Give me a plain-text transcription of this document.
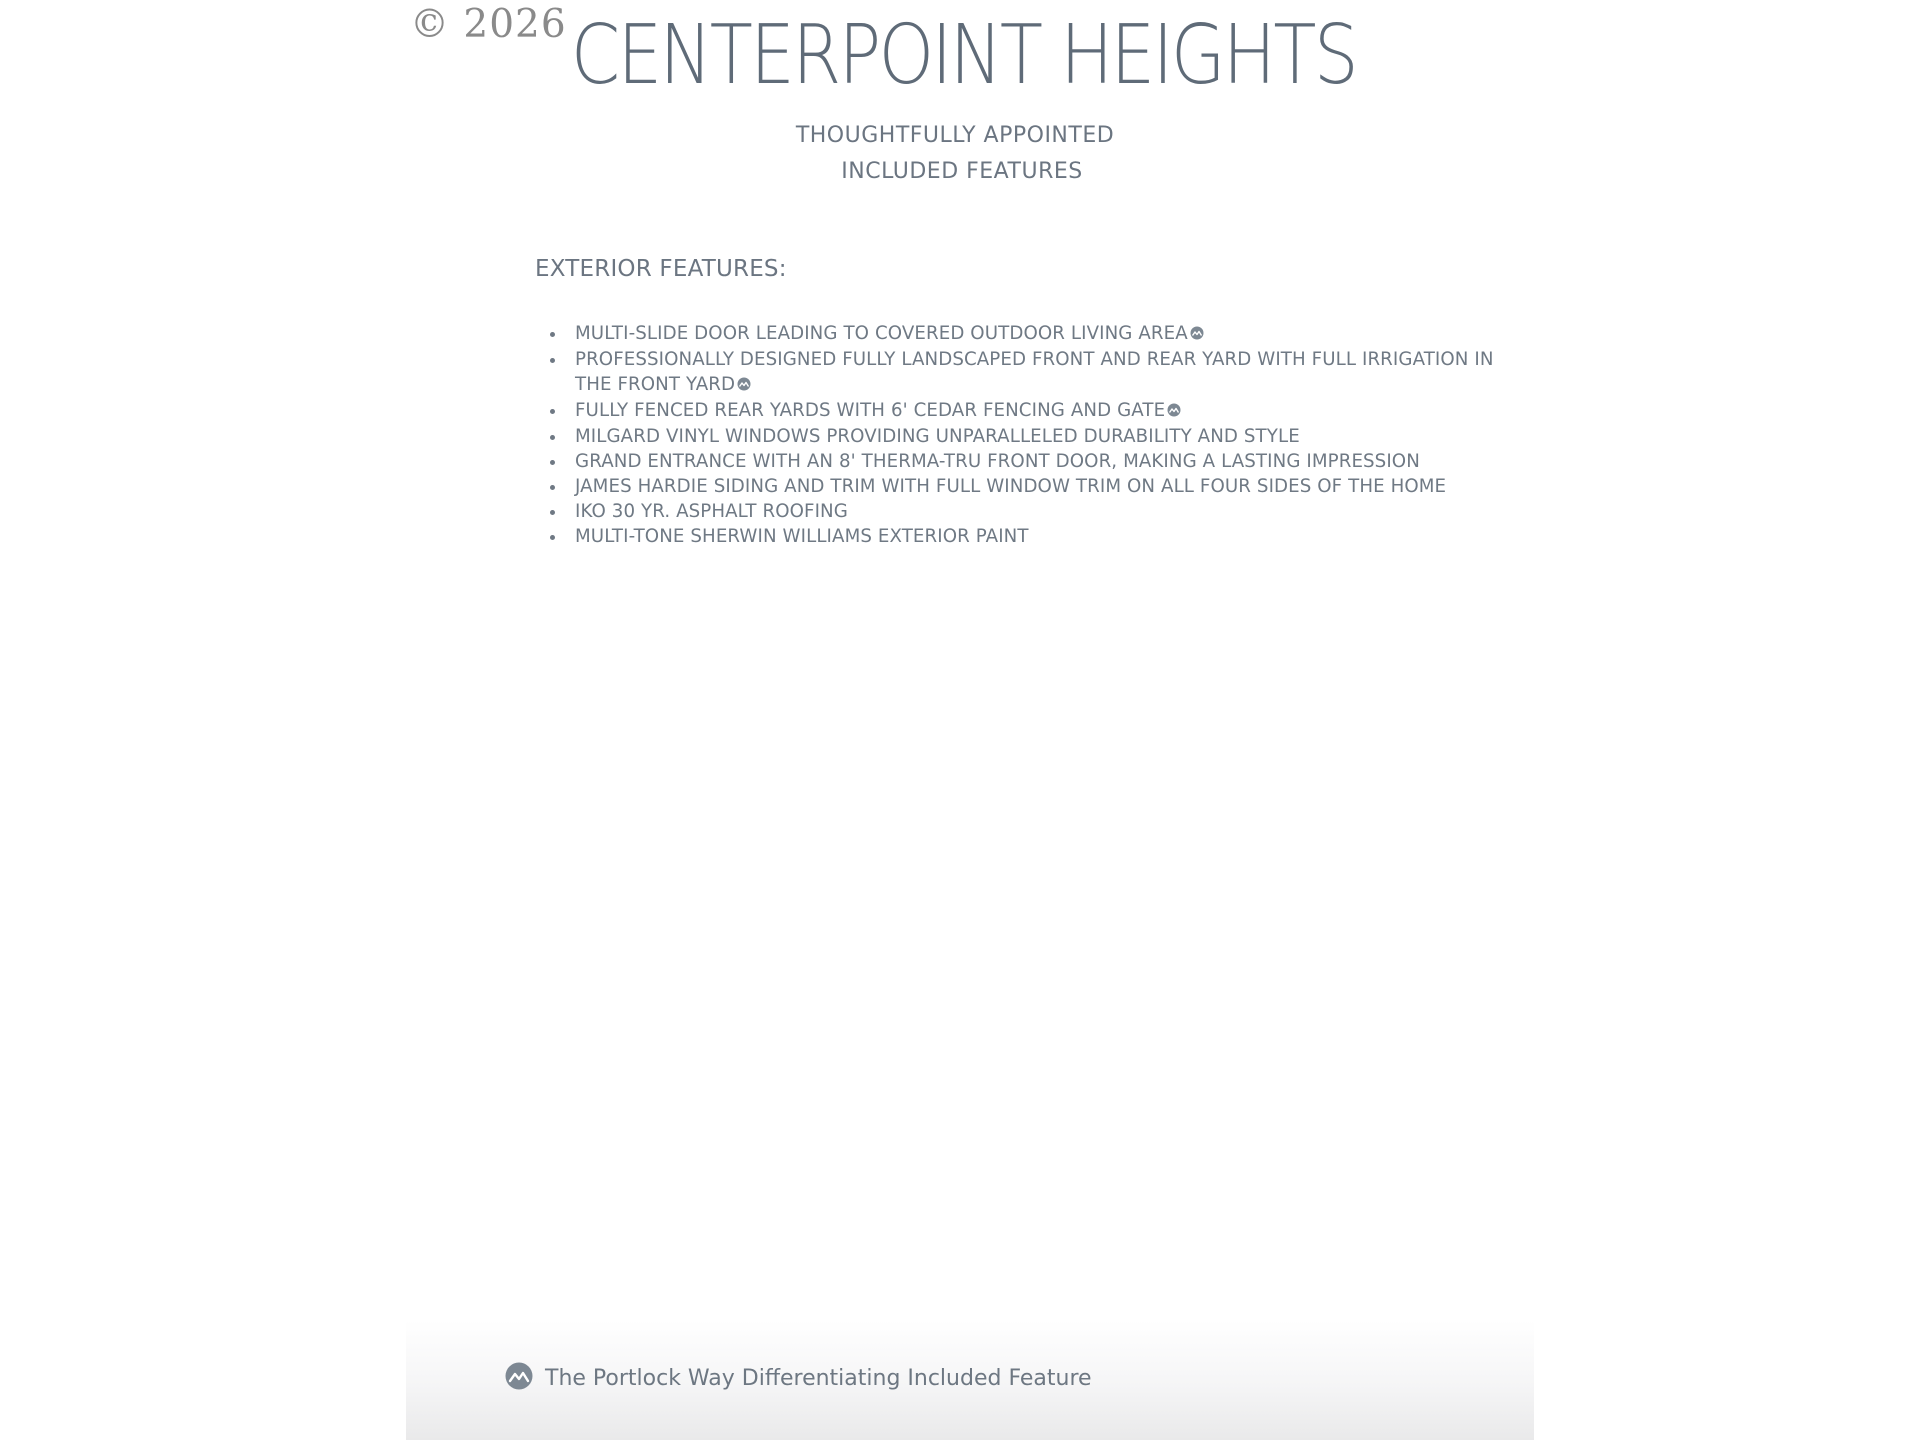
© 2026 CENTERPOINT HEIGHTS
THOUGHTFULLY APPOINTED
INCLUDED FEATURES
EXTERIOR FEATURES:
• MULTI-SLIDE DOOR LEADING TO COVERED OUTDOOR LIVING AREA
• PROFESSIONALLY DESIGNED FULLY LANDSCAPED FRONT AND REAR YARD WITH FULL IRRIGATION IN THE FRONT YARD
• FULLY FENCED REAR YARDS WITH 6' CEDAR FENCING AND GATE
• MILGARD VINYL WINDOWS PROVIDING UNPARALLELED DURABILITY AND STYLE
• GRAND ENTRANCE WITH AN 8' THERMA-TRU FRONT DOOR, MAKING A LASTING IMPRESSION
• JAMES HARDIE SIDING AND TRIM WITH FULL WINDOW TRIM ON ALL FOUR SIDES OF THE HOME
• IKO 30 YR. ASPHALT ROOFING
• MULTI-TONE SHERWIN WILLIAMS EXTERIOR PAINT
The Portlock Way Differentiating Included Feature
